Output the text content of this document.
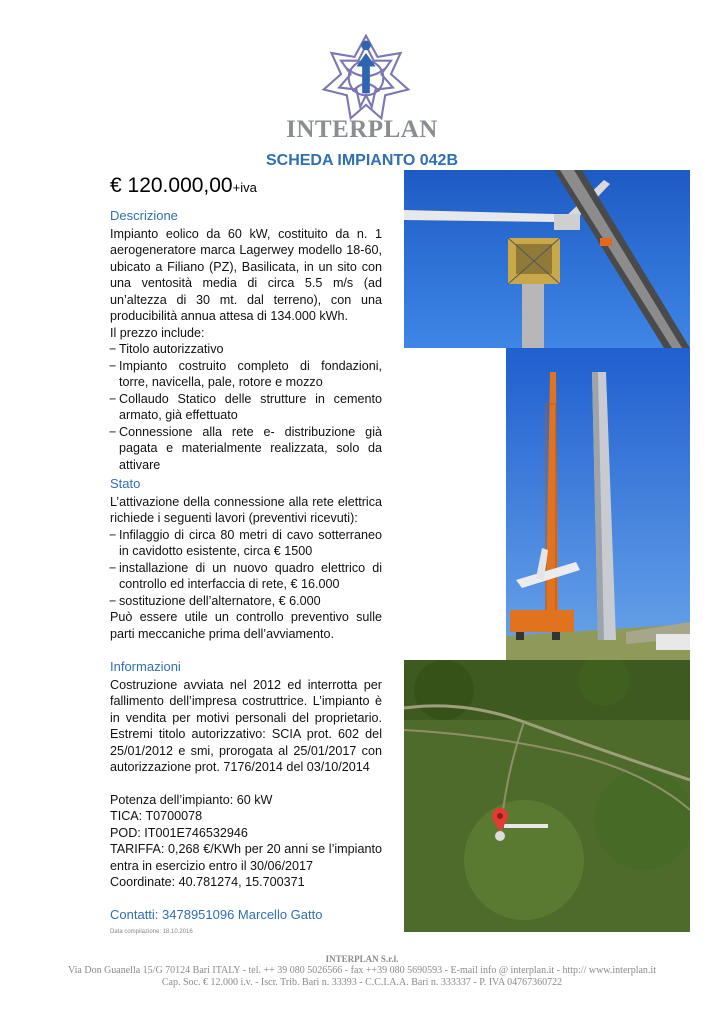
INTERPLAN
SCHEDA IMPIANTO 042B
€ 120.000,00+iva
Descrizione
Impianto eolico da 60 kW, costituito da n. 1 aerogeneratore marca Lagerwey modello 18-60, ubicato a Filiano (PZ), Basilicata, in un sito con una ventosità media di circa 5.5 m/s (ad un’altezza di 30 mt. dal terreno), con una producibilità annua attesa di 134.000 kWh.
Il prezzo include:
− Titolo autorizzativo
− Impianto costruito completo di fondazioni, torre, navicella, pale, rotore e mozzo
− Collaudo Statico delle strutture in cemento armato, già effettuato
− Connessione alla rete e- distribuzione già pagata e materialmente realizzata, solo da attivare
Stato
L’attivazione della connessione alla rete elettrica richiede i seguenti lavori (preventivi ricevuti):
− Infilaggio di circa 80 metri di cavo sotterraneo in cavidotto esistente, circa € 1500
− installazione di un nuovo quadro elettrico di controllo ed interfaccia di rete, € 16.000
− sostituzione dell’alternatore, € 6.000
Può essere utile un controllo preventivo sulle parti meccaniche prima dell’avviamento.
Informazioni
Costruzione avviata nel 2012 ed interrotta per fallimento dell’impresa costruttrice. L’impianto è in vendita per motivi personali del proprietario. Estremi titolo autorizzativo: SCIA prot. 602 del 25/01/2012 e smi, prorogata al 25/01/2017 con autorizzazione prot. 7176/2014 del 03/10/2014
Potenza dell’impianto: 60 kW
TICA: T0700078
POD: IT001E746532946
TARIFFA: 0,268 €/KWh per 20 anni se l’impianto entra in esercizio entro il 30/06/2017
Coordinate: 40.781274, 15.700371
Contatti: 3478951096 Marcello Gatto
Data compilazione: 18.10.2016
INTERPLAN S.r.l.
Via Don Guanella 15/G 70124 Bari ITALY - tel. ++ 39 080 5026566 - fax ++39 080 5690593 - E-mail info @ interplan.it - http:// www.interplan.it
Cap. Soc. € 12.000 i.v. - Iscr. Trib. Bari n. 33393 - C.C.I.A.A. Bari n. 333337 - P. IVA 04767360722
